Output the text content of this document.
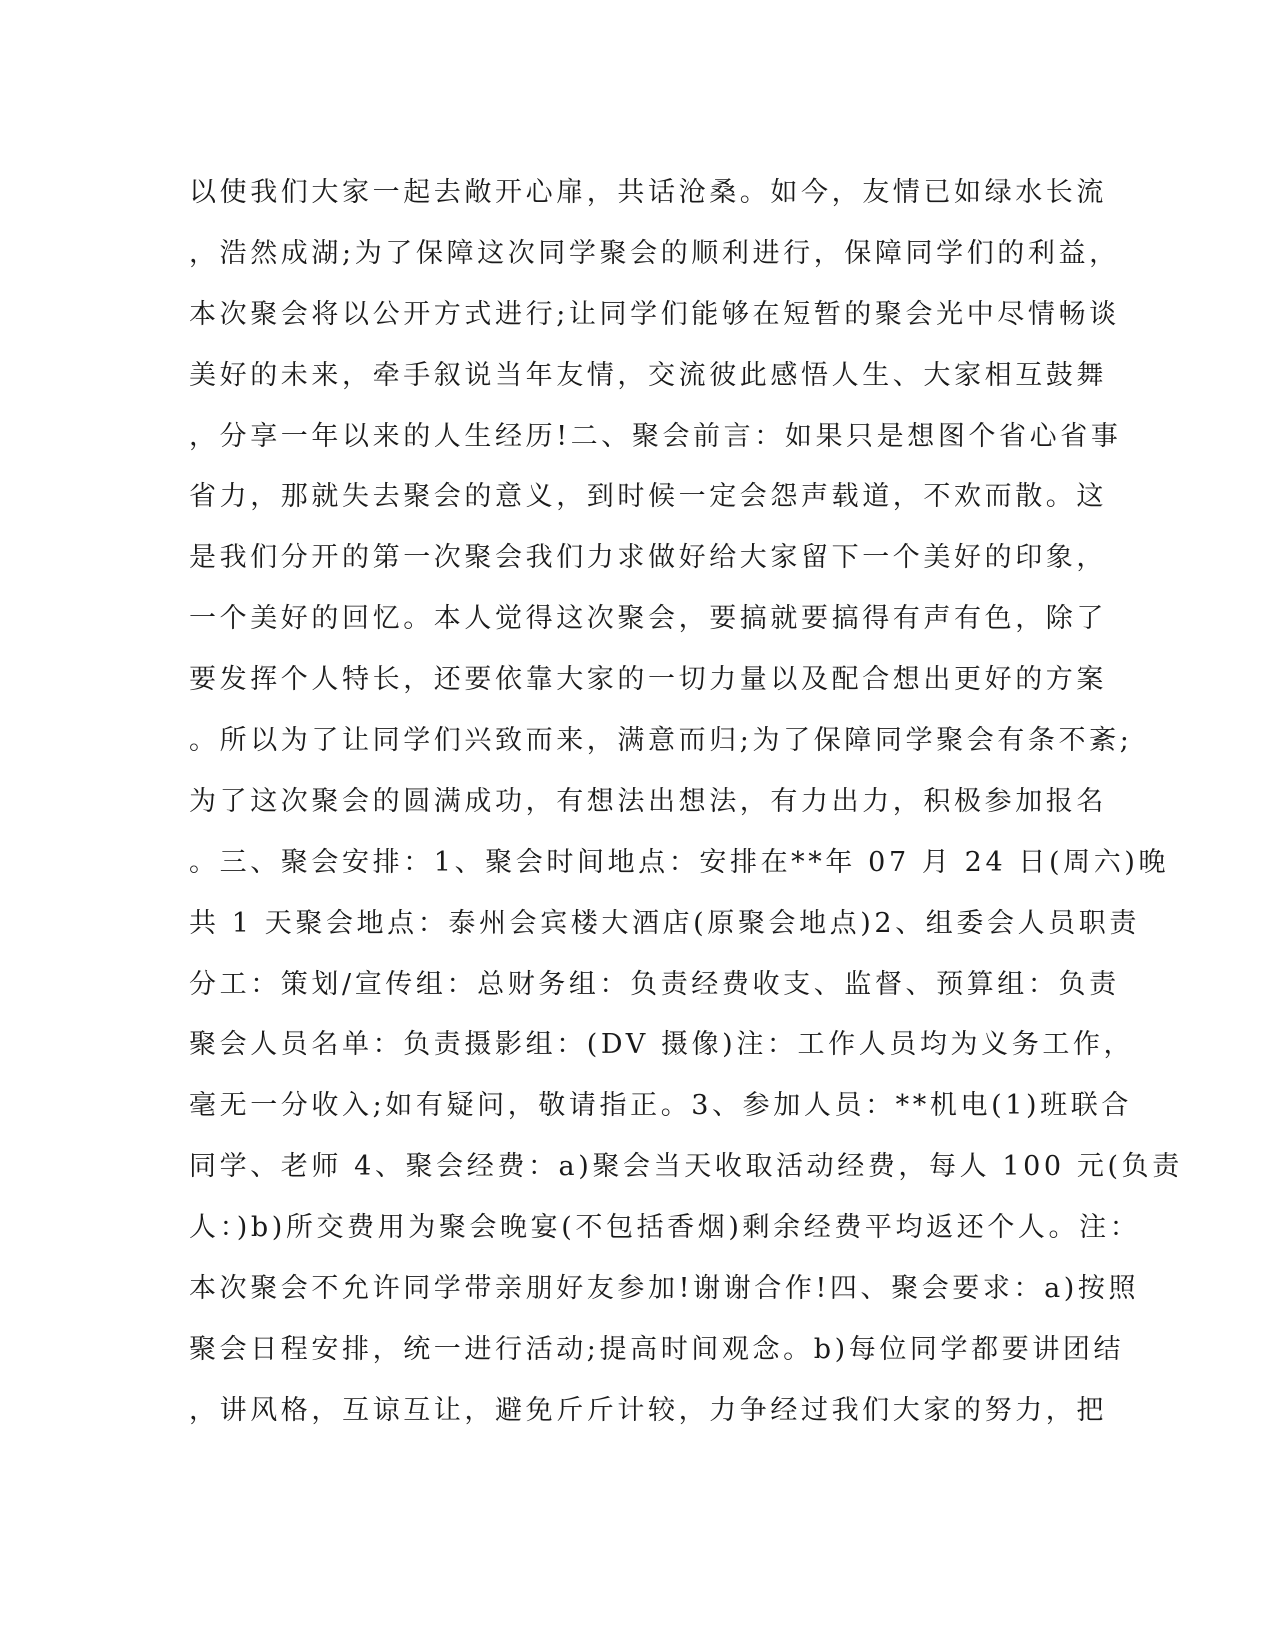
以使我们大家一起去敞开心扉，共话沧桑。如今，友情已如绿水长流
，浩然成湖;为了保障这次同学聚会的顺利进行，保障同学们的利益，
本次聚会将以公开方式进行;让同学们能够在短暂的聚会光中尽情畅谈
美好的未来，牵手叙说当年友情，交流彼此感悟人生、大家相互鼓舞
，分享一年以来的人生经历!二、聚会前言：如果只是想图个省心省事
省力，那就失去聚会的意义，到时候一定会怨声载道，不欢而散。这
是我们分开的第一次聚会我们力求做好给大家留下一个美好的印象，
一个美好的回忆。本人觉得这次聚会，要搞就要搞得有声有色，除了
要发挥个人特长，还要依靠大家的一切力量以及配合想出更好的方案
。所以为了让同学们兴致而来，满意而归;为了保障同学聚会有条不紊;
为了这次聚会的圆满成功，有想法出想法，有力出力，积极参加报名
。三、聚会安排：1、聚会时间地点：安排在**年 07 月 24 日(周六)晚
共 1 天聚会地点：泰州会宾楼大酒店(原聚会地点)2、组委会人员职责
分工：策划/宣传组：总财务组：负责经费收支、监督、预算组：负责
聚会人员名单：负责摄影组：(DV 摄像)注：工作人员均为义务工作，
毫无一分收入;如有疑问，敬请指正。3、参加人员：**机电(1)班联合
同学、老师 4、聚会经费：a)聚会当天收取活动经费，每人 100 元(负责
人：)b)所交费用为聚会晚宴(不包括香烟)剩余经费平均返还个人。注：
本次聚会不允许同学带亲朋好友参加!谢谢合作!四、聚会要求：a)按照
聚会日程安排，统一进行活动;提高时间观念。b)每位同学都要讲团结
，讲风格，互谅互让，避免斤斤计较，力争经过我们大家的努力，把
